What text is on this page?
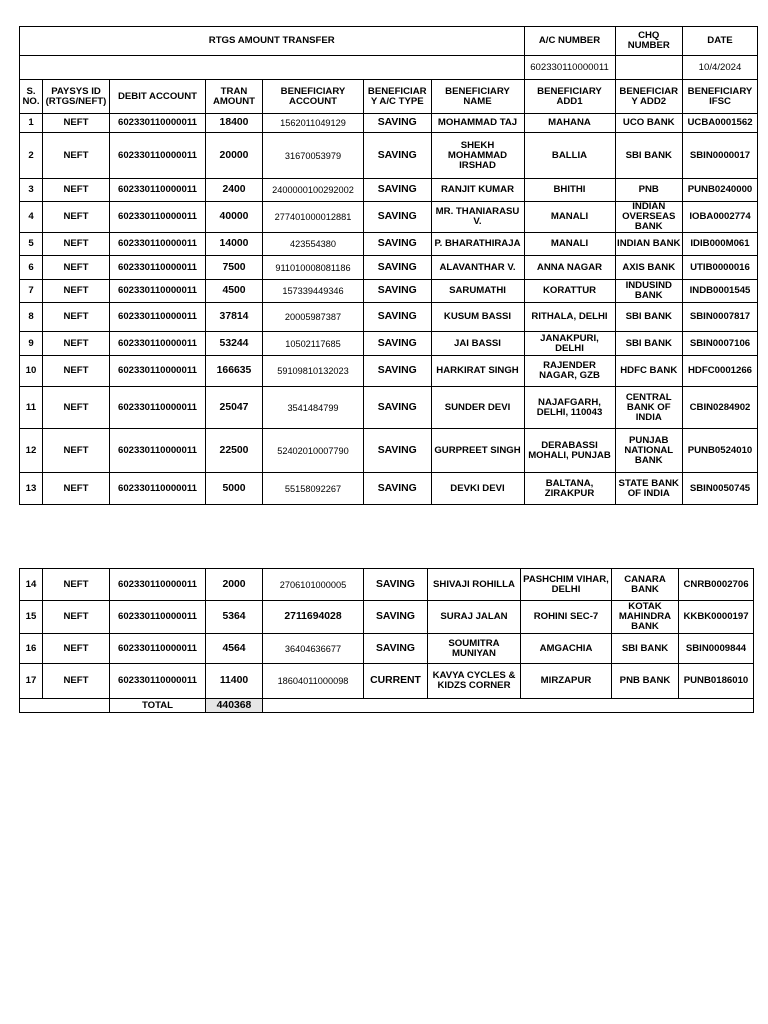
RTGS AMOUNT TRANSFER							A/C NUMBER	CHQ NUMBER	DATE
							602330110000011		10/4/2024
S. NO.	PAYSYS ID (RTGS/NEFT)	DEBIT ACCOUNT	TRAN AMOUNT	BENEFICIARY ACCOUNT	BENEFICIARY A/C TYPE	BENEFICIARY NAME	BENEFICIARY ADD1	BENEFICIARY ADD2	BENEFICIARY IFSC
1	NEFT	602330110000011	18400	1562011049129	SAVING	MOHAMMAD TAJ	MAHANA	UCO BANK	UCBA0001562
2	NEFT	602330110000011	20000	31670053979	SAVING	SHEKH MOHAMMAD IRSHAD	BALLIA	SBI BANK	SBIN0000017
3	NEFT	602330110000011	2400	2400000100292002	SAVING	RANJIT KUMAR	BHITHI	PNB	PUNB0240000
4	NEFT	602330110000011	40000	277401000012881	SAVING	MR. THANIARASU V.	MANALI	INDIAN OVERSEAS BANK	IOBA0002774
5	NEFT	602330110000011	14000	423554380	SAVING	P. BHARATHIRAJA	MANALI	INDIAN BANK	IDIB000M061
6	NEFT	602330110000011	7500	911010008081186	SAVING	ALAVANTHAR V.	ANNA NAGAR	AXIS BANK	UTIB0000016
7	NEFT	602330110000011	4500	157339449346	SAVING	SARUMATHI	KORATTUR	INDUSIND BANK	INDB0001545
8	NEFT	602330110000011	37814	20005987387	SAVING	KUSUM BASSI	RITHALA, DELHI	SBI BANK	SBIN0007817
9	NEFT	602330110000011	53244	10502117685	SAVING	JAI BASSI	JANAKPURI, DELHI	SBI BANK	SBIN0007106
10	NEFT	602330110000011	166635	59109810132023	SAVING	HARKIRAT SINGH	RAJENDER NAGAR, GZB	HDFC BANK	HDFC0001266
11	NEFT	602330110000011	25047	3541484799	SAVING	SUNDER DEVI	NAJAFGARH, DELHI, 110043	CENTRAL BANK OF INDIA	CBIN0284902
12	NEFT	602330110000011	22500	52402010007790	SAVING	GURPREET SINGH	DERABASSI MOHALI, PUNJAB	PUNJAB NATIONAL BANK	PUNB0524010
13	NEFT	602330110000011	5000	55158092267	SAVING	DEVKI DEVI	BALTANA, ZIRAKPUR	STATE BANK OF INDIA	SBIN0050745
14	NEFT	602330110000011	2000	2706101000005	SAVING	SHIVAJI ROHILLA	PASHCHIM VIHAR, DELHI	CANARA BANK	CNRB0002706
15	NEFT	602330110000011	5364	2711694028	SAVING	SURAJ JALAN	ROHINI SEC-7	KOTAK MAHINDRA BANK	KKBK0000197
16	NEFT	602330110000011	4564	36404636677	SAVING	SOUMITRA MUNIYAN	AMGACHIA	SBI BANK	SBIN0009844
17	NEFT	602330110000011	11400	18604011000098	CURRENT	KAVYA CYCLES & KIDZS CORNER	MIRZAPUR	PNB BANK	PUNB0186010
		TOTAL	440368						
